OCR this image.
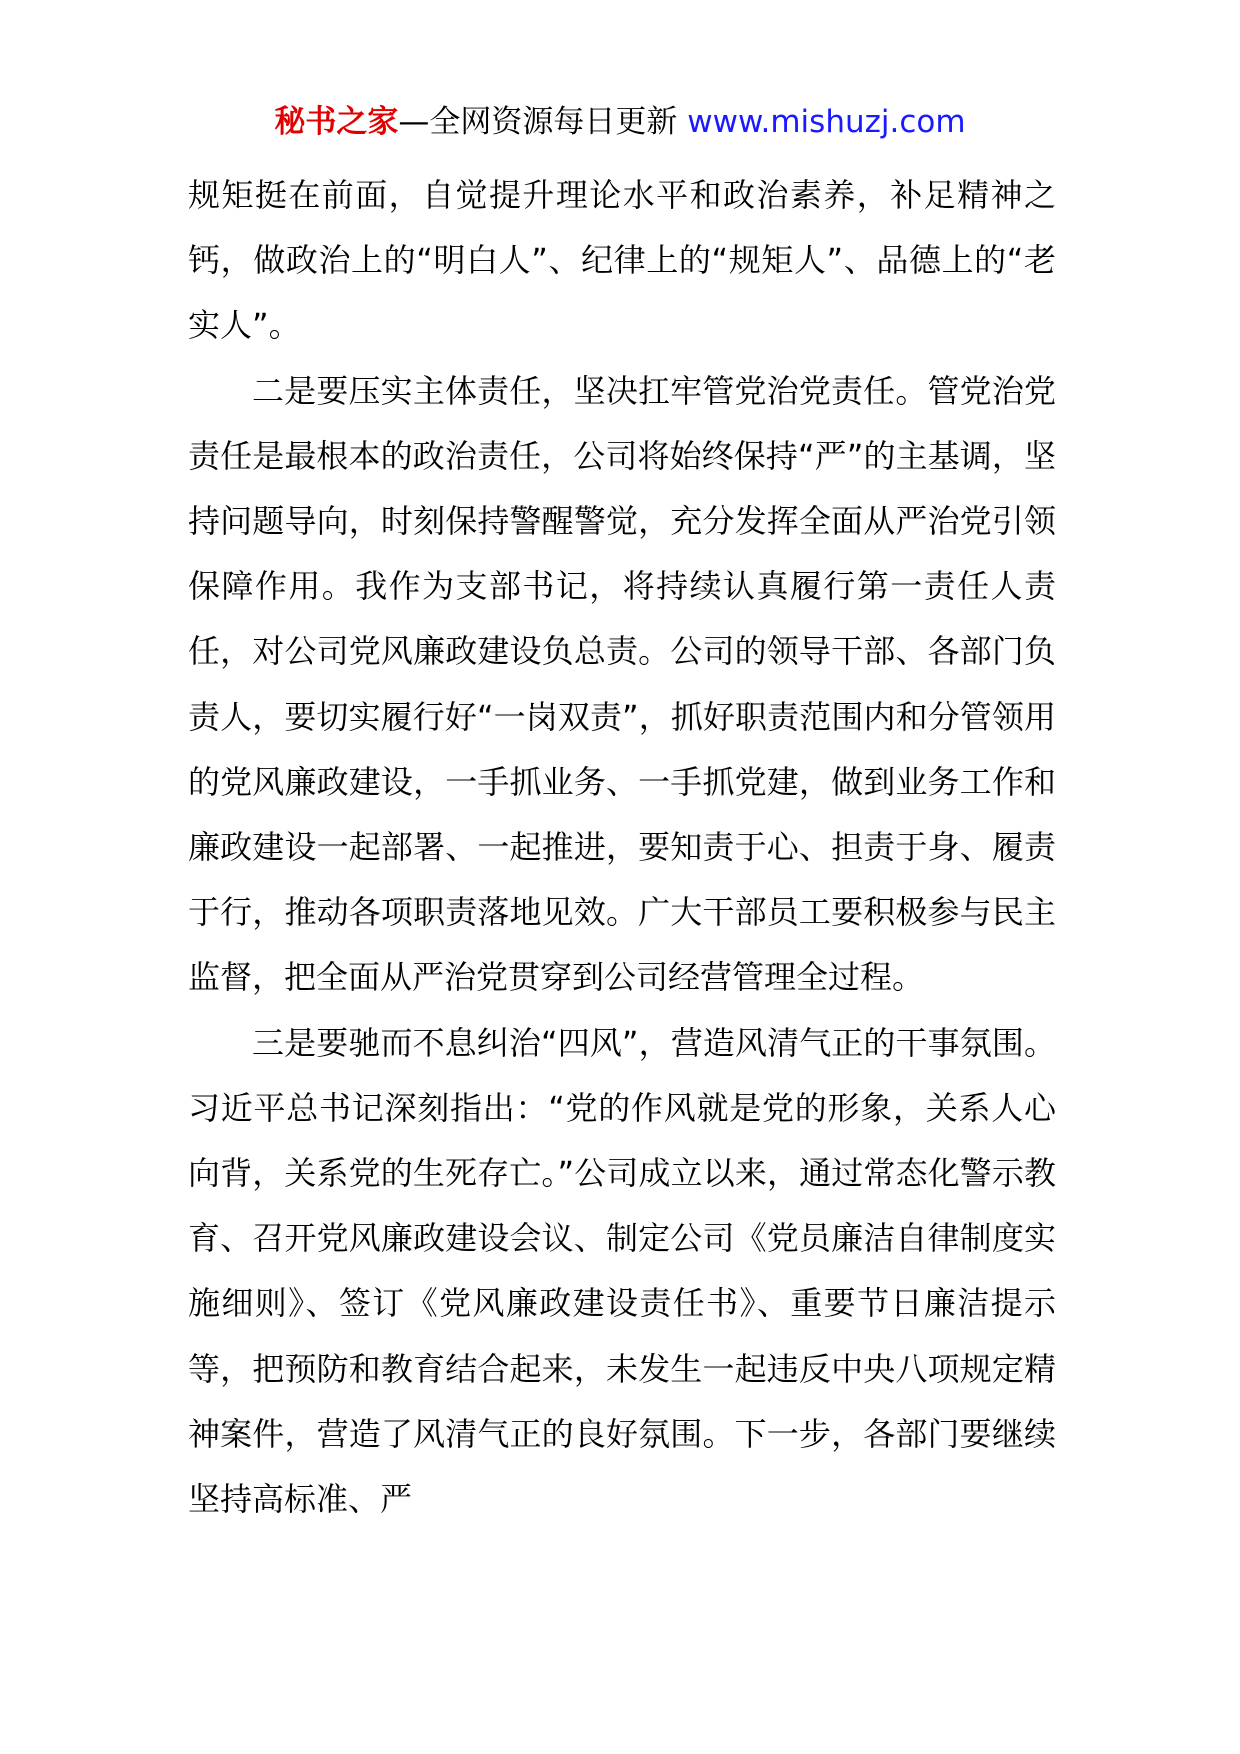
秘书之家—全网资源每日更新 www.mishuzj.com

规矩挺在前面，自觉提升理论水平和政治素养，补足精神之钙，做政治上的“明白人”、纪律上的“规矩人”、品德上的“老实人”。

二是要压实主体责任，坚决扛牢管党治党责任。管党治党责任是最根本的政治责任，公司将始终保持“严”的主基调，坚持问题导向，时刻保持警醒警觉，充分发挥全面从严治党引领保障作用。我作为支部书记，将持续认真履行第一责任人责任，对公司党风廉政建设负总责。公司的领导干部、各部门负责人，要切实履行好“一岗双责”，抓好职责范围内和分管领用的党风廉政建设，一手抓业务、一手抓党建，做到业务工作和廉政建设一起部署、一起推进，要知责于心、担责于身、履责于行，推动各项职责落地见效。广大干部员工要积极参与民主监督，把全面从严治党贯穿到公司经营管理全过程。

三是要驰而不息纠治“四风”，营造风清气正的干事氛围。习近平总书记深刻指出：“党的作风就是党的形象，关系人心向背，关系党的生死存亡。”公司成立以来，通过常态化警示教育、召开党风廉政建设会议、制定公司《党员廉洁自律制度实施细则》、签订《党风廉政建设责任书》、重要节日廉洁提示等，把预防和教育结合起来，未发生一起违反中央八项规定精神案件，营造了风清气正的良好氛围。下一步，各部门要继续坚持高标准、严
